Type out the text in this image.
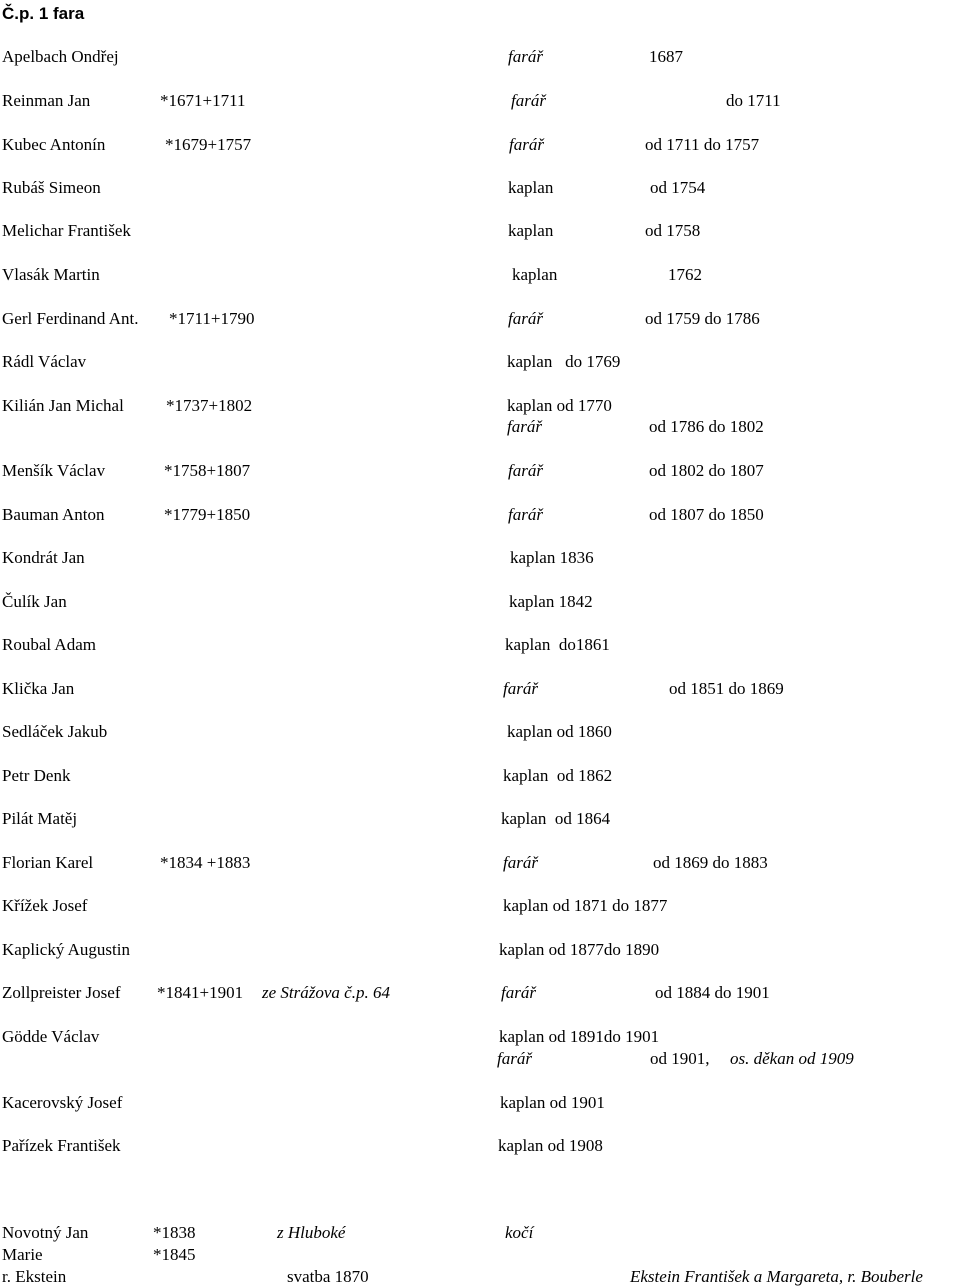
Č.p. 1 fara
Apelbach Ondřej	farář	1687
Reinman Jan	*1671+1711	farář	do 1711
Kubec Antonín	*1679+1757	farář	od 1711 do 1757
Rubáš Simeon	kaplan	od 1754
Melichar František	kaplan	od 1758
Vlasák Martin	kaplan	1762
Gerl Ferdinand Ant. *1711+1790	farář	od 1759 do 1786
Rádl Václav	kaplan   do 1769
Kilián Jan Michal *1737+1802	kaplan od 1770
farář	od 1786 do 1802
Menšík Václav	*1758+1807	farář	od 1802 do 1807
Bauman Anton	*1779+1850	farář	od 1807 do 1850
Kondrát Jan	kaplan 1836
Čulík Jan	kaplan 1842
Roubal Adam	kaplan  do1861
Klička Jan	farář	od 1851 do 1869
Sedláček Jakub	kaplan od 1860
Petr Denk	kaplan  od 1862
Pilát Matěj	kaplan  od 1864
Florian Karel	*1834 +1883	farář	od 1869 do 1883
Křížek Josef	kaplan od 1871 do 1877
Kaplický Augustin	kaplan od 1877do 1890
Zollpreister Josef *1841+1901 ze Strážova č.p. 64	farář	od 1884 do 1901
Gödde Václav	kaplan od 1891do 1901
farář	od 1901, os. děkan od 1909
Kacerovský Josef	kaplan od 1901
Pařízek František	kaplan od 1908
Novotný Jan	*1838	z Hluboké	kočí
Marie	*1845
r. Ekstein	svatba 1870	Ekstein František a Margareta, r. Bouberle
